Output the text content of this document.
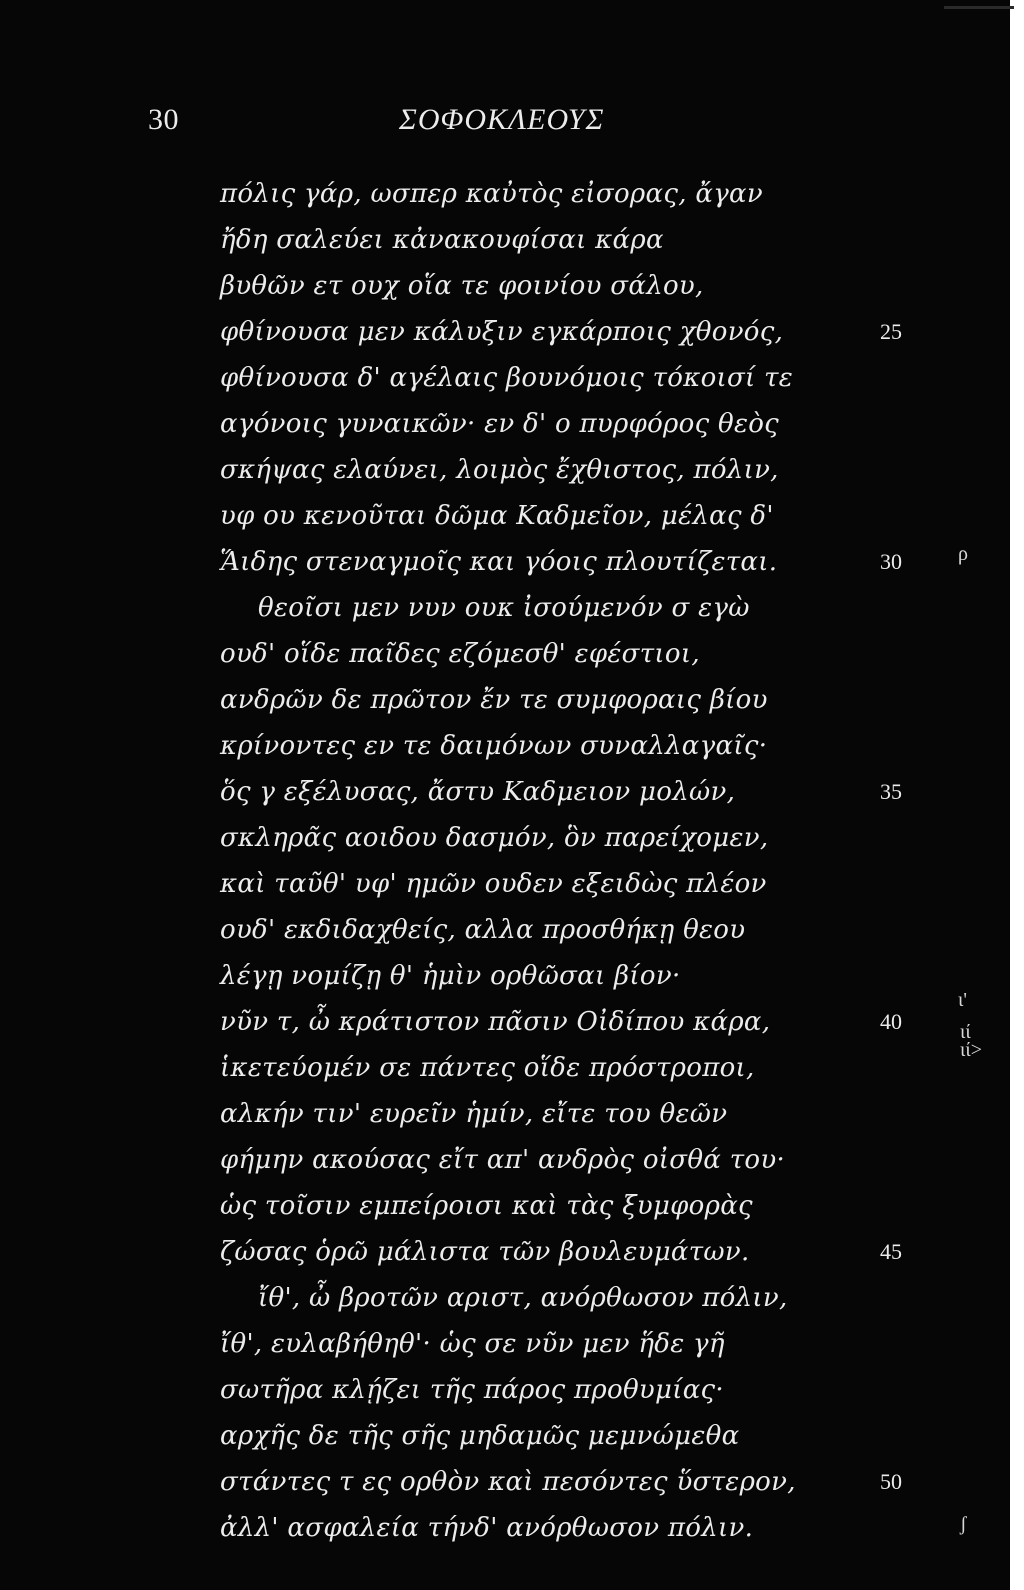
30	ΣΟΦΟΚΛΕΟΥΣ

πόλις γάρ, ωσπερ καὐτὸς εἰσορας, ἄγαν

ἤδη σαλεύει κἀνακουφίσαι κάρα

βυθῶν ετ ουχ οἵα τε φοινίου σάλου,

φθίνουσα μεν κάλυξιν εγκάρποις χθονός,

φθίνουσα δ' αγέλαις βουνόμοις τόκοισί τε

αγόνοις γυναικῶν· εν δ' ο πυρφόρος θεὸς

σκήψας ελαύνει, λοιμὸς ἔχθιστος, πόλιν,

υφ ου κενοῦται δῶμα Καδμεῖον, μέλας δ'

Ἅιδης στεναγμοῖς και γόοις πλουτίζεται.

θεοῖσι μεν νυν ουκ ἰσούμενόν σ εγὼ

ουδ' οἵδε παῖδες εζόμεσθ' εφέστιοι,

ανδρῶν δε πρῶτον ἔν τε συμφοραις βίου

κρίνοντες εν τε δαιμόνων συναλλαγαῖς·

ὅς γ εξέλυσας, ἄστυ Καδμειον μολών,

σκληρᾶς αοιδου δασμόν, ὃν παρείχομεν,

καὶ ταῦθ' υφ' ημῶν ουδεν εξειδὼς πλέον

ουδ' εκδιδαχθείς, αλλα προσθήκῃ θεου

λέγῃ νομίζῃ θ' ἡμὶν ορθῶσαι βίον·

νῦν τ, ὦ κράτιστον πᾶσιν Οἰδίπου κάρα,

ἱκετεύομέν σε πάντες οἵδε πρόστροποι,

αλκήν τιν' ευρεῖν ἡμίν, εἴτε του θεῶν

φήμην ακούσας εἴτ απ' ανδρὸς οἰσθά του·

ὡς τοῖσιν εμπείροισι καὶ τὰς ξυμφορὰς

ζώσας ὁρῶ μάλιστα τῶν βουλευμάτων.

ἴθ', ὦ βροτῶν αριστ, ανόρθωσον πόλιν,

ἴθ', ευλαβήθηθ'· ὡς σε νῦν μεν ἥδε γῆ

σωτῆρα κλῄζει τῆς πάρος προθυμίας·

αρχῆς δε τῆς σῆς μηδαμῶς μεμνώμεθα

στάντες τ ες ορθὸν καὶ πεσόντες ὕστερον,

ἀλλ' ασφαλεία τήνδ' ανόρθωσον πόλιν.

25
30
35
40
45
50
ρ
ι'
ιί
ιί>
ʃ
